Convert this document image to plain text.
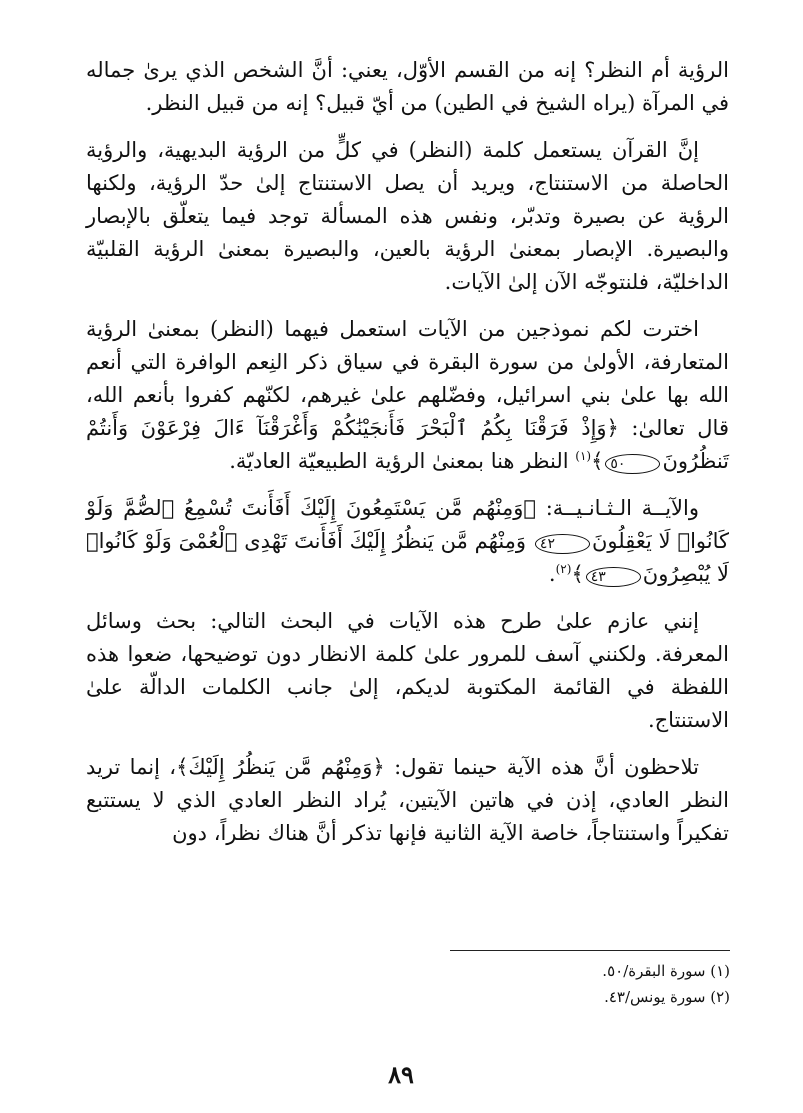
الرؤية أم النظر؟ إنه من القسم الأوّل، يعني: أنَّ الشخص الذي يرىٰ جماله في المرآة (يراه الشيخ في الطين) من أيّ قبيل؟ إنه من قبيل النظر.

إنَّ القرآن يستعمل كلمة (النظر) في كلٍّ من الرؤية البديهية، والرؤية الحاصلة من الاستنتاج، ويريد أن يصل الاستنتاج إلىٰ حدّ الرؤية، ولكنها الرؤية عن بصيرة وتدبّر، ونفس هذه المسألة توجد فيما يتعلّق بالإبصار والبصيرة. الإبصار بمعنىٰ الرؤية بالعين، والبصيرة بمعنىٰ الرؤية القلبيّة الداخليّة، فلنتوجّه الآن إلىٰ الآيات.

اخترت لكم نموذجين من الآيات استعمل فيهما (النظر) بمعنىٰ الرؤية المتعارفة، الأولىٰ من سورة البقرة في سياق ذكر النِعم الوافرة التي أنعم الله بها علىٰ بني اسرائيل، وفضّلهم علىٰ غيرهم، لكنّهم كفروا بأنعم الله، قال تعالىٰ: ﴿وَإِذْ فَرَقْنَا بِكُمُ ٱلْبَحْرَ فَأَنجَيْنَٰكُمْ وَأَغْرَقْنَآ ءَالَ فِرْعَوْنَ وَأَنتُمْ تَنظُرُونَ٥٠﴾$^{(١)}$ النظر هنا بمعنىٰ الرؤية الطبيعيّة العاديّة.

والآيــة الـثـانـيــة: ﴿وَمِنْهُم مَّن يَسْتَمِعُونَ إِلَيْكَ أَفَأَنتَ تُسْمِعُ ٱلصُّمَّ وَلَوْ كَانُوا۟ لَا يَعْقِلُونَ٤٢ وَمِنْهُم مَّن يَنظُرُ إِلَيْكَ أَفَأَنتَ تَهْدِى ٱلْعُمْىَ وَلَوْ كَانُوا۟ لَا يُبْصِرُونَ٤٣﴾$^{(٢)}$.

إنني عازم علىٰ طرح هذه الآيات في البحث التالي: بحث وسائل المعرفة. ولكنني آسف للمرور علىٰ كلمة الانظار دون توضيحها، ضعوا هذه اللفظة في القائمة المكتوبة لديكم، إلىٰ جانب الكلمات الدالّة علىٰ الاستنتاج.

تلاحظون أنَّ هذه الآية حينما تقول: ﴿وَمِنْهُم مَّن يَنظُرُ إِلَيْكَ﴾، إنما تريد النظر العادي، إذن في هاتين الآيتين، يُراد النظر العادي الذي لا يستتبع تفكيراً واستنتاجاً، خاصة الآية الثانية فإنها تذكر أنَّ هناك نظراً، دون

(١) سورة البقرة/٥٠.

(٢) سورة يونس/٤٣.

٨٩
